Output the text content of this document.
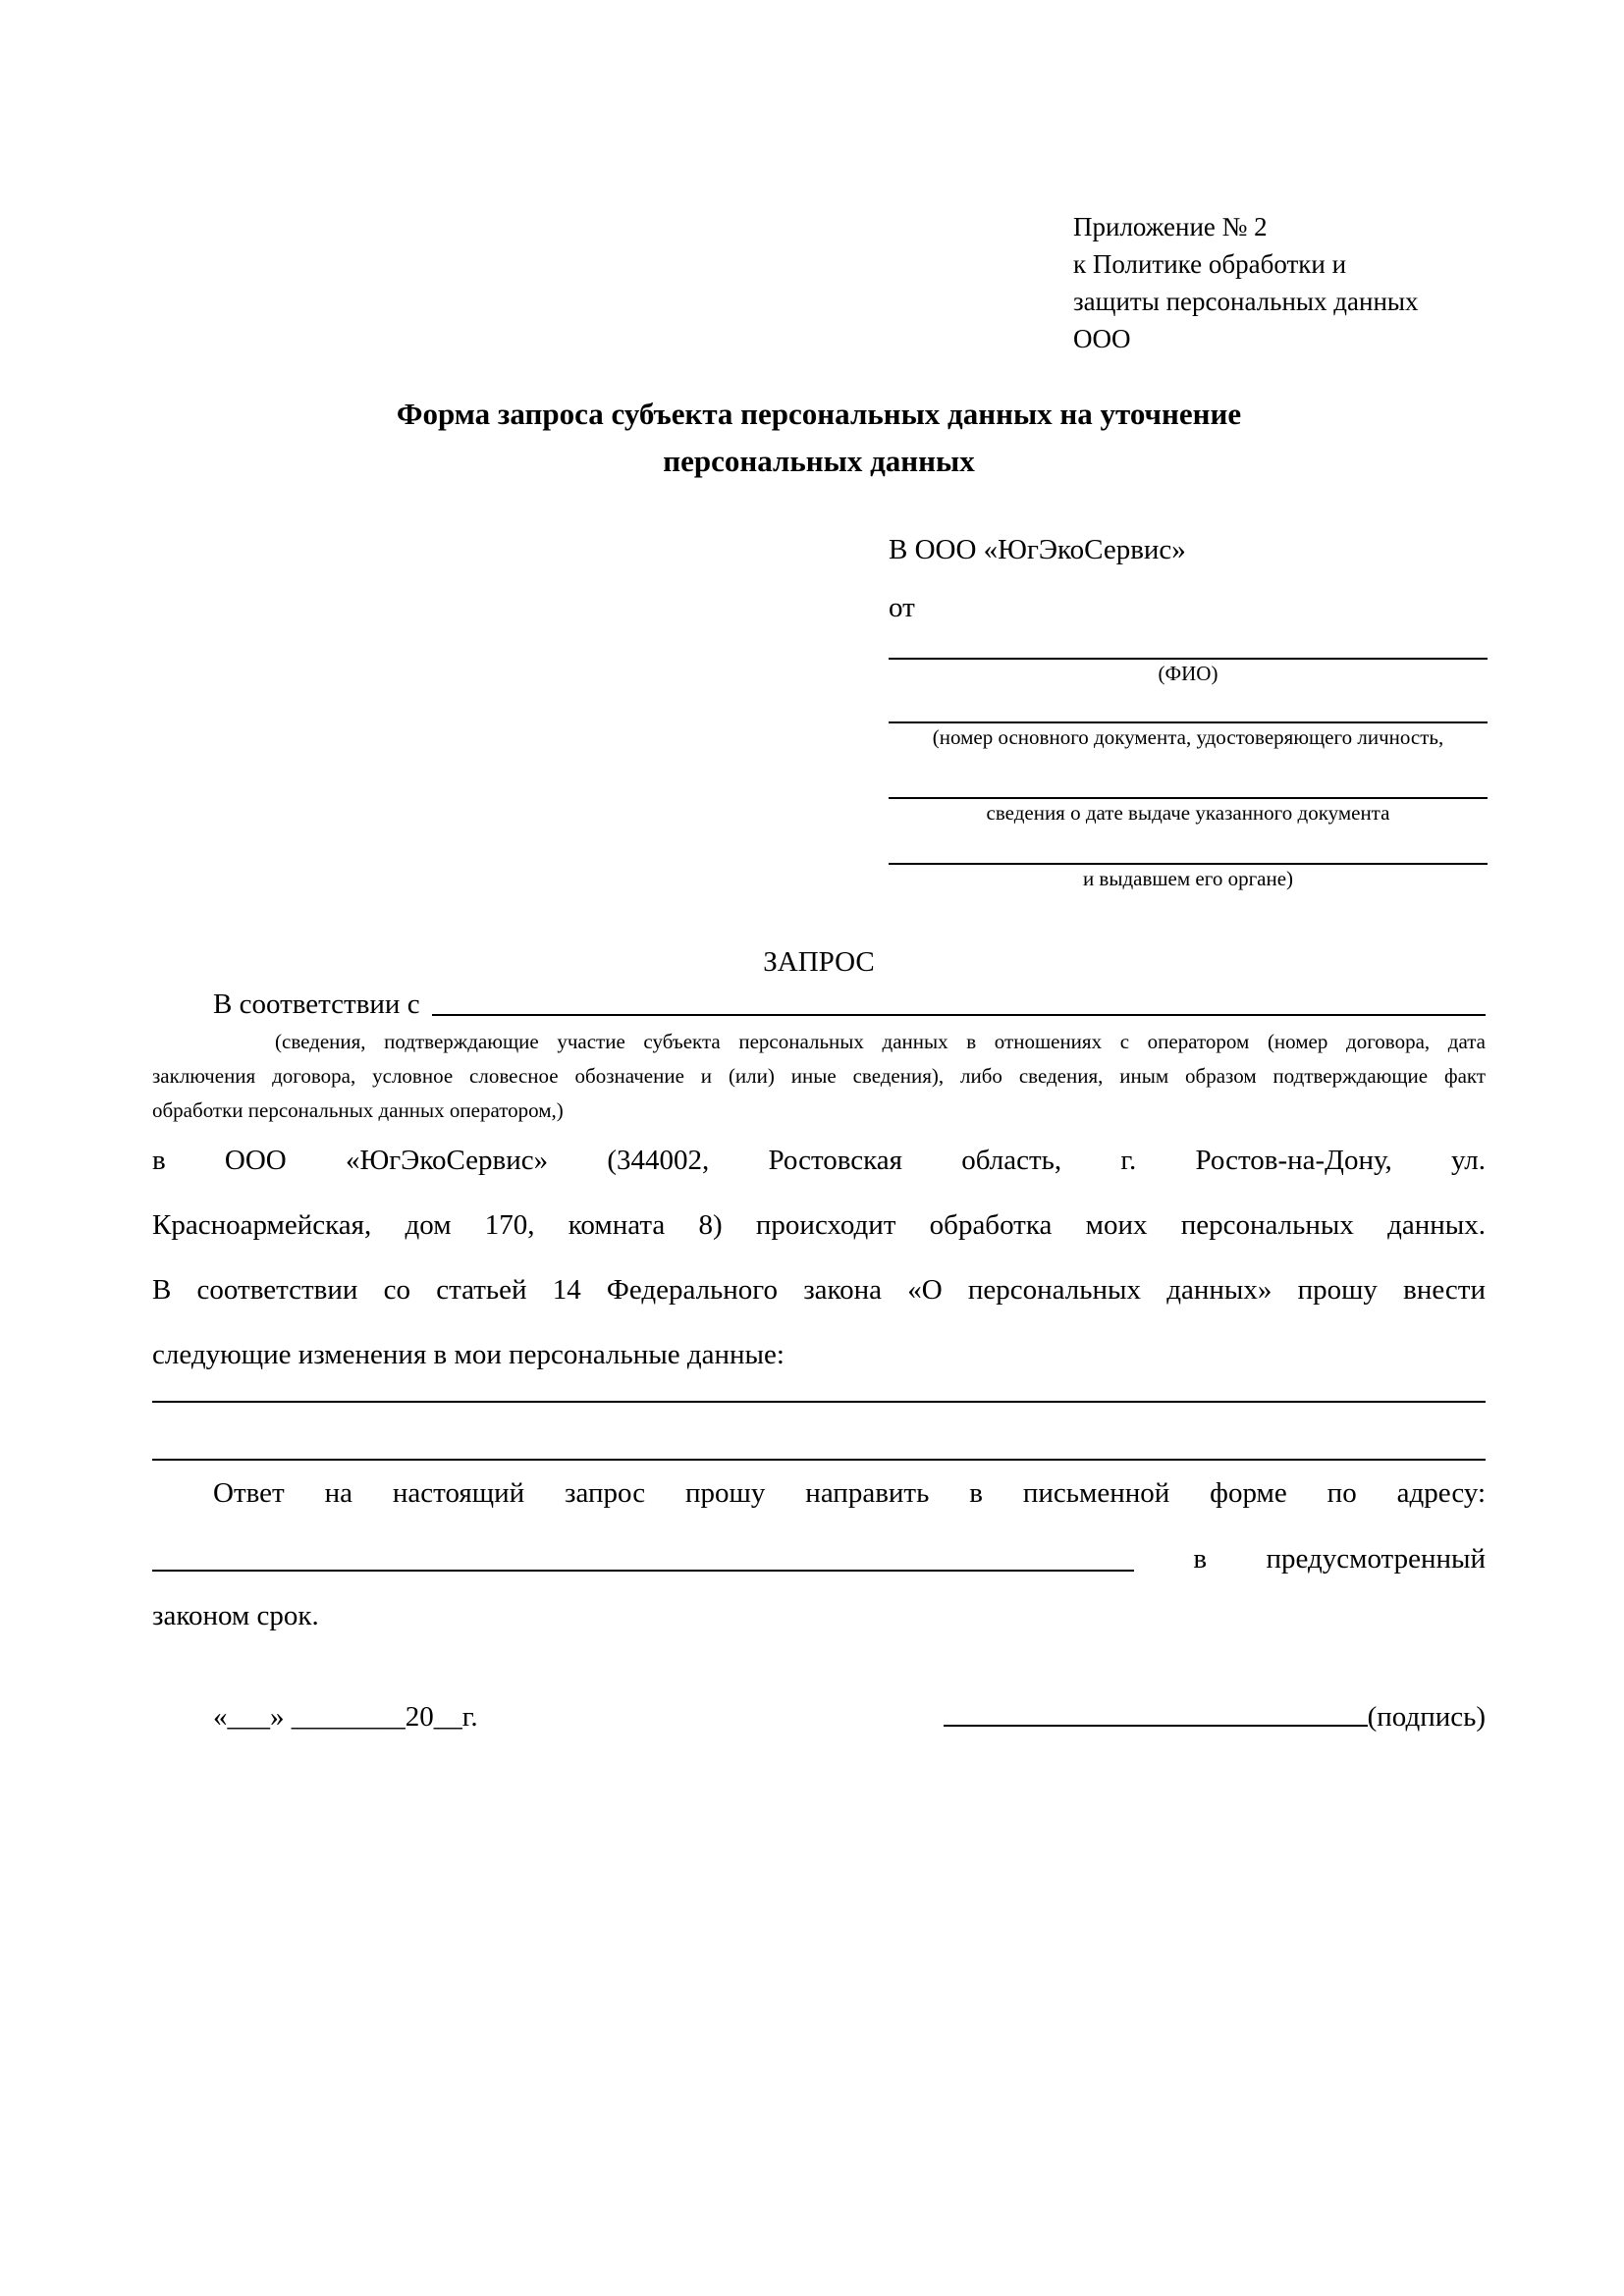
Приложение № 2
к Политике обработки и
защиты персональных данных
ООО
Форма запроса субъекта персональных данных на уточнение персональных данных
В ООО «ЮгЭкоСервис»
от
(ФИО)
(номер основного документа, удостоверяющего личность,
сведения о дате выдаче указанного документа
и выдавшем его органе)
ЗАПРОС
В соответствии с
(сведения, подтверждающие участие субъекта персональных данных в отношениях с оператором (номер договора, дата
заключения договора, условное словесное обозначение и (или) иные сведения), либо сведения, иным образом подтверждающие факт
обработки персональных данных оператором,)
в ООО «ЮгЭкоСервис» (344002, Ростовская область, г. Ростов-на-Дону, ул.
Красноармейская, дом 170, комната 8) происходит обработка моих персональных данных.
В соответствии со статьей 14 Федерального закона «О персональных данных» прошу внести
следующие изменения в мои персональные данные:
Ответ на настоящий запрос прошу направить в письменной форме по адресу:
в предусмотренный
законом срок.
«___» ________20__г.	(подпись)
